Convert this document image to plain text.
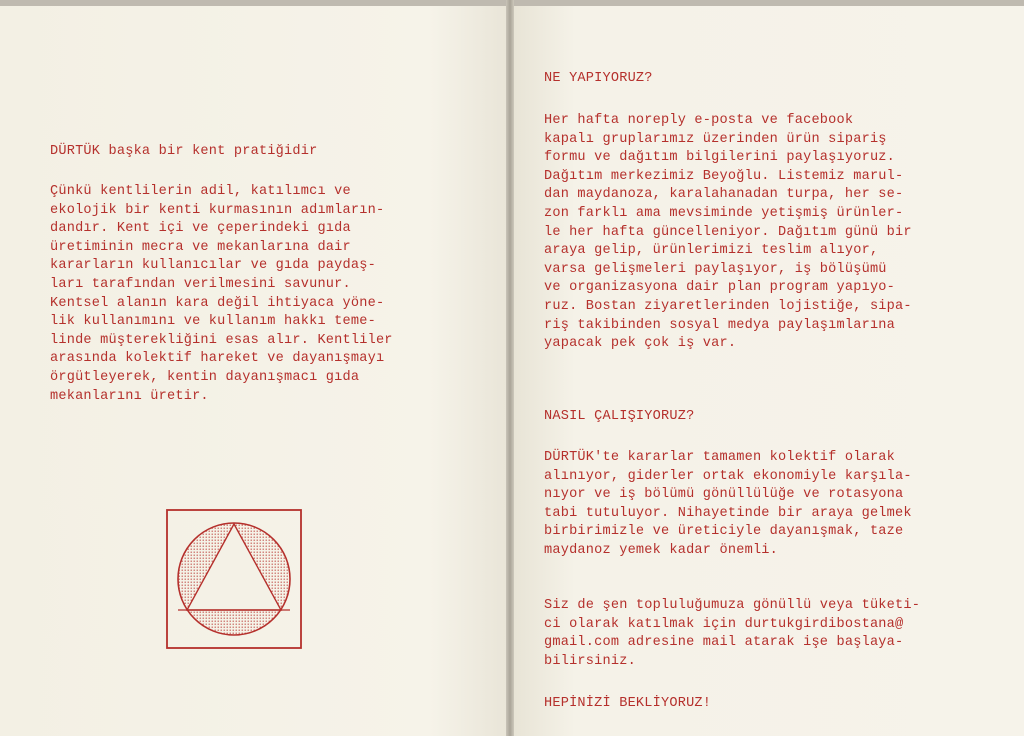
DÜRTÜK başka bir kent pratiğidir

Çünkü kentlilerin adil, katılımcı ve
ekolojik bir kenti kurmasının adımların-
dandır. Kent içi ve çeperindeki gıda
üretiminin mecra ve mekanlarına dair
kararların kullanıcılar ve gıda paydaş-
ları tarafından verilmesini savunur.
Kentsel alanın kara değil ihtiyaca yöne-
lik kullanımını ve kullanım hakkı teme-
linde müşterekliğini esas alır. Kentliler
arasında kolektif hareket ve dayanışmayı
örgütleyerek, kentin dayanışmacı gıda
mekanlarını üretir.

NE YAPIYORUZ?

Her hafta noreply e-posta ve facebook
kapalı gruplarımız üzerinden ürün sipariş
formu ve dağıtım bilgilerini paylaşıyoruz.
Dağıtım merkezimiz Beyoğlu. Listemiz marul-
dan maydanoza, karalahanadan turpa, her se-
zon farklı ama mevsiminde yetişmiş ürünler-
le her hafta güncelleniyor. Dağıtım günü bir
araya gelip, ürünlerimizi teslim alıyor,
varsa gelişmeleri paylaşıyor, iş bölüşümü
ve organizasyona dair plan program yapıyo-
ruz. Bostan ziyaretlerinden lojistiğe, sipa-
riş takibinden sosyal medya paylaşımlarına
yapacak pek çok iş var.

NASIL ÇALIŞIYORUZ?

DÜRTÜK'te kararlar tamamen kolektif olarak
alınıyor, giderler ortak ekonomiyle karşıla-
nıyor ve iş bölümü gönüllülüğe ve rotasyona
tabi tutuluyor. Nihayetinde bir araya gelmek
birbirimizle ve üreticiyle dayanışmak, taze
maydanoz yemek kadar önemli.

Siz de şen topluluğumuza gönüllü veya tüketi-
ci olarak katılmak için durtukgirdibostana@
gmail.com adresine mail atarak işe başlaya-
bilirsiniz.

HEPİNİZİ BEKLİYORUZ!
